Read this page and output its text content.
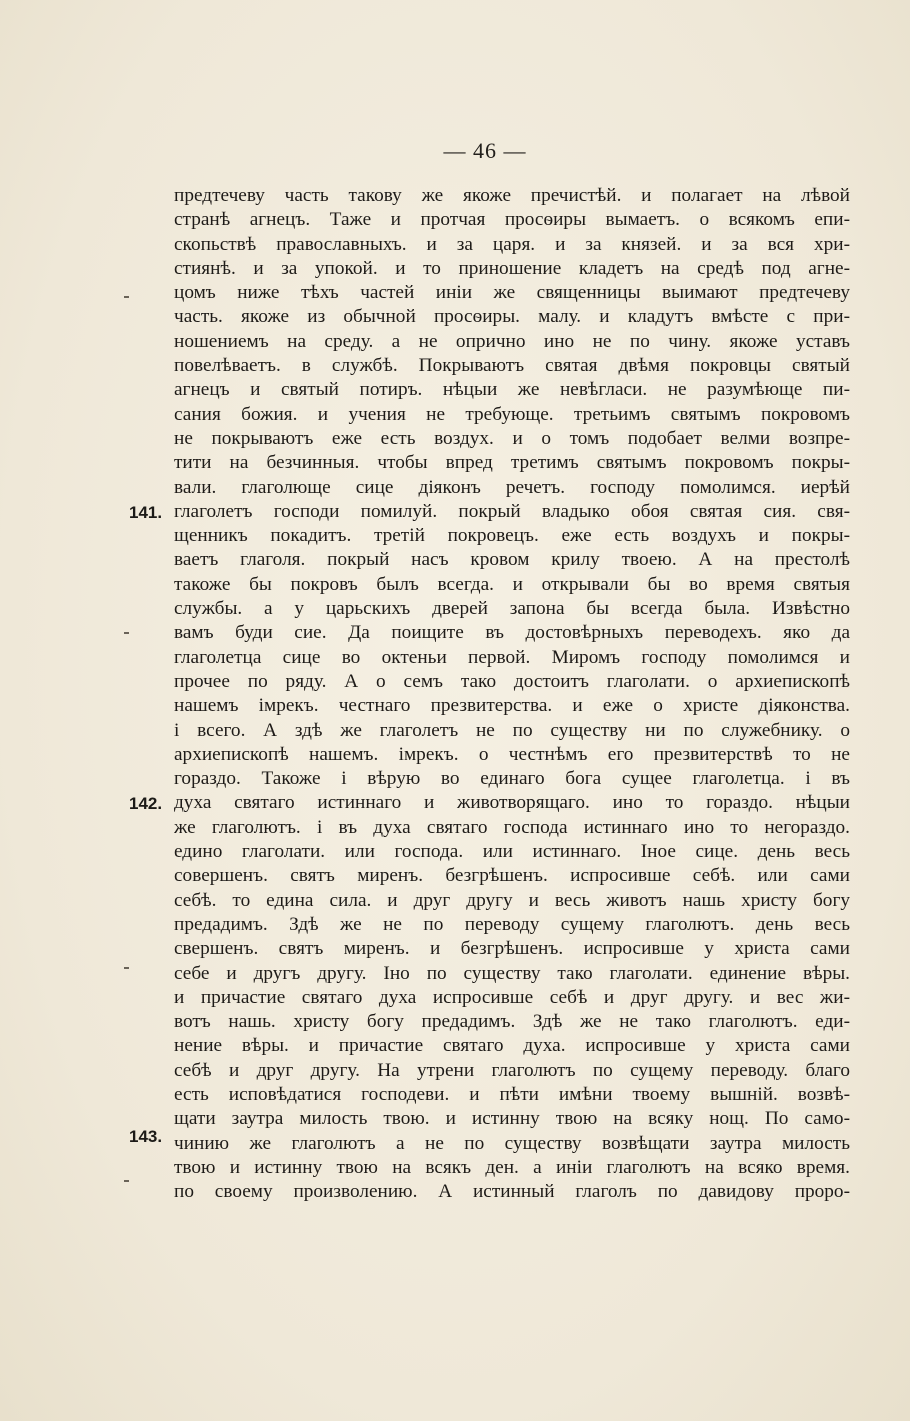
— 46 —
141.
142.
143.
предтечеву часть такову же якоже пречистѣй. и полагает на лѣвой
странѣ агнецъ. Таже и протчая просѳиры вымаетъ. о всякомъ епи-
скопьствѣ православныхъ. и за царя. и за князей. и за вся хри-
стиянѣ. и за упокой. и то приношение кладетъ на средѣ под агне-
цомъ ниже тѣхъ частей иніи же священницы выимают предтечеву
часть. якоже из обычной просѳиры. малу. и кладутъ вмѣсте с при-
ношениемъ на среду. а не опрично ино не по чину. якоже уставъ
повелѣваетъ. в службѣ. Покрываютъ святая двѣмя покровцы святый
агнецъ и святый потиръ. нѣцыи же невѣгласи. не разумѣюще пи-
сания божия. и учения не требующе. третьимъ святымъ покровомъ
не покрываютъ еже есть воздух. и о томъ подобает велми возпре-
тити на безчинныя. чтобы впред третимъ святымъ покровомъ покры-
вали. глаголюще сице діяконъ речетъ. господу помолимся. иерѣй
глаголетъ господи помилуй. покрый владыко обоя святая сия. свя-
щенникъ покадитъ. третій покровецъ. еже есть воздухъ и покры-
ваетъ глаголя. покрый насъ кровом крилу твоею. А на престолѣ
такоже бы покровъ былъ всегда. и открывали бы во время святыя
службы. а у царьскихъ дверей запона бы всегда была. Извѣстно
вамъ буди сие. Да поищите въ достовѣрныхъ переводехъ. яко да
глаголетца сице во октеньи первой. Миромъ господу помолимся и
прочее по ряду. А о семъ тако достоитъ глаголати. о архиепископѣ
нашемъ імрекъ. честнаго презвитерства. и еже о христе діяконства.
і всего. А здѣ же глаголетъ не по существу ни по служебнику. о
архиепископѣ нашемъ. імрекъ. о честнѣмъ его презвитерствѣ то не
гораздо. Такоже і вѣрую во единаго бога сущее глаголетца. і въ
духа святаго истиннаго и животворящаго. ино то гораздо. нѣцыи
же глаголютъ. і въ духа святаго господа истиннаго ино то негораздо.
едино глаголати. или господа. или истиннаго. Іное сице. день весь
совершенъ. святъ миренъ. безгрѣшенъ. испросивше себѣ. или сами
себѣ. то едина сила. и друг другу и весь животъ нашь христу богу
предадимъ. Здѣ же не по переводу сущему глаголютъ. день весь
свершенъ. святъ миренъ. и безгрѣшенъ. испросивше у христа сами
себе и другъ другу. Іно по существу тако глаголати. единение вѣры.
и причастие святаго духа испросивше себѣ и друг другу. и вес жи-
вотъ нашь. христу богу предадимъ. Здѣ же не тако глаголютъ. еди-
нение вѣры. и причастие святаго духа. испросивше у христа сами
себѣ и друг другу. На утрени глаголютъ по сущему переводу. благо
есть исповѣдатися господеви. и пѣти имѣни твоему вышній. возвѣ-
щати заутра милость твою. и истинну твою на всяку нощ. По само-
чинию же глаголютъ а не по существу возвѣщати заутра милость
твою и истинну твою на всякъ ден. а иніи глаголютъ на всяко время.
по своему произволению. А истинный глаголъ по давидову проро-
